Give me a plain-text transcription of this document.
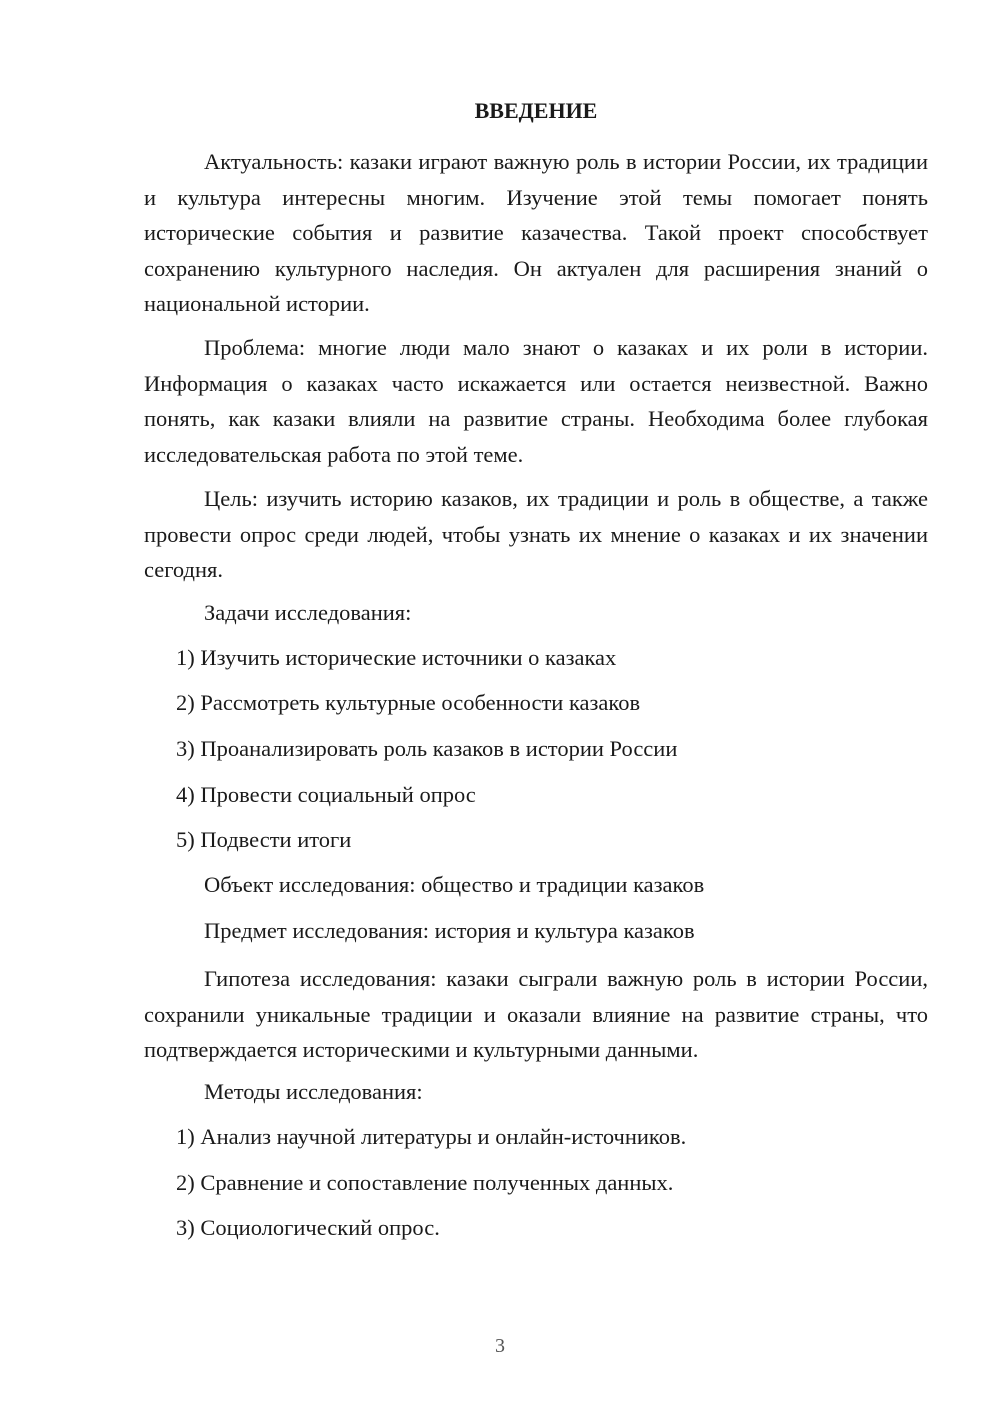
ВВЕДЕНИЕ

Актуальность: казаки играют важную роль в истории России, их традиции и культура интересны многим. Изучение этой темы помогает понять исторические события и развитие казачества. Такой проект способствует сохранению культурного наследия. Он актуален для расширения знаний о национальной истории.

Проблема: многие люди мало знают о казаках и их роли в истории. Информация о казаках часто искажается или остается неизвестной. Важно понять, как казаки влияли на развитие страны. Необходима более глубокая исследовательская работа по этой теме.

Цель: изучить историю казаков, их традиции и роль в обществе, а также провести опрос среди людей, чтобы узнать их мнение о казаках и их значении сегодня.

Задачи исследования:
1) Изучить исторические источники о казаках
2) Рассмотреть культурные особенности казаков
3) Проанализировать роль казаков в истории России
4) Провести социальный опрос
5) Подвести итоги
Объект исследования: общество и традиции казаков
Предмет исследования: история и культура казаков

Гипотеза исследования: казаки сыграли важную роль в истории России, сохранили уникальные традиции и оказали влияние на развитие страны, что подтверждается историческими и культурными данными.

Методы исследования:
1) Анализ научной литературы и онлайн-источников.
2) Сравнение и сопоставление полученных данных.
3) Социологический опрос.
3
